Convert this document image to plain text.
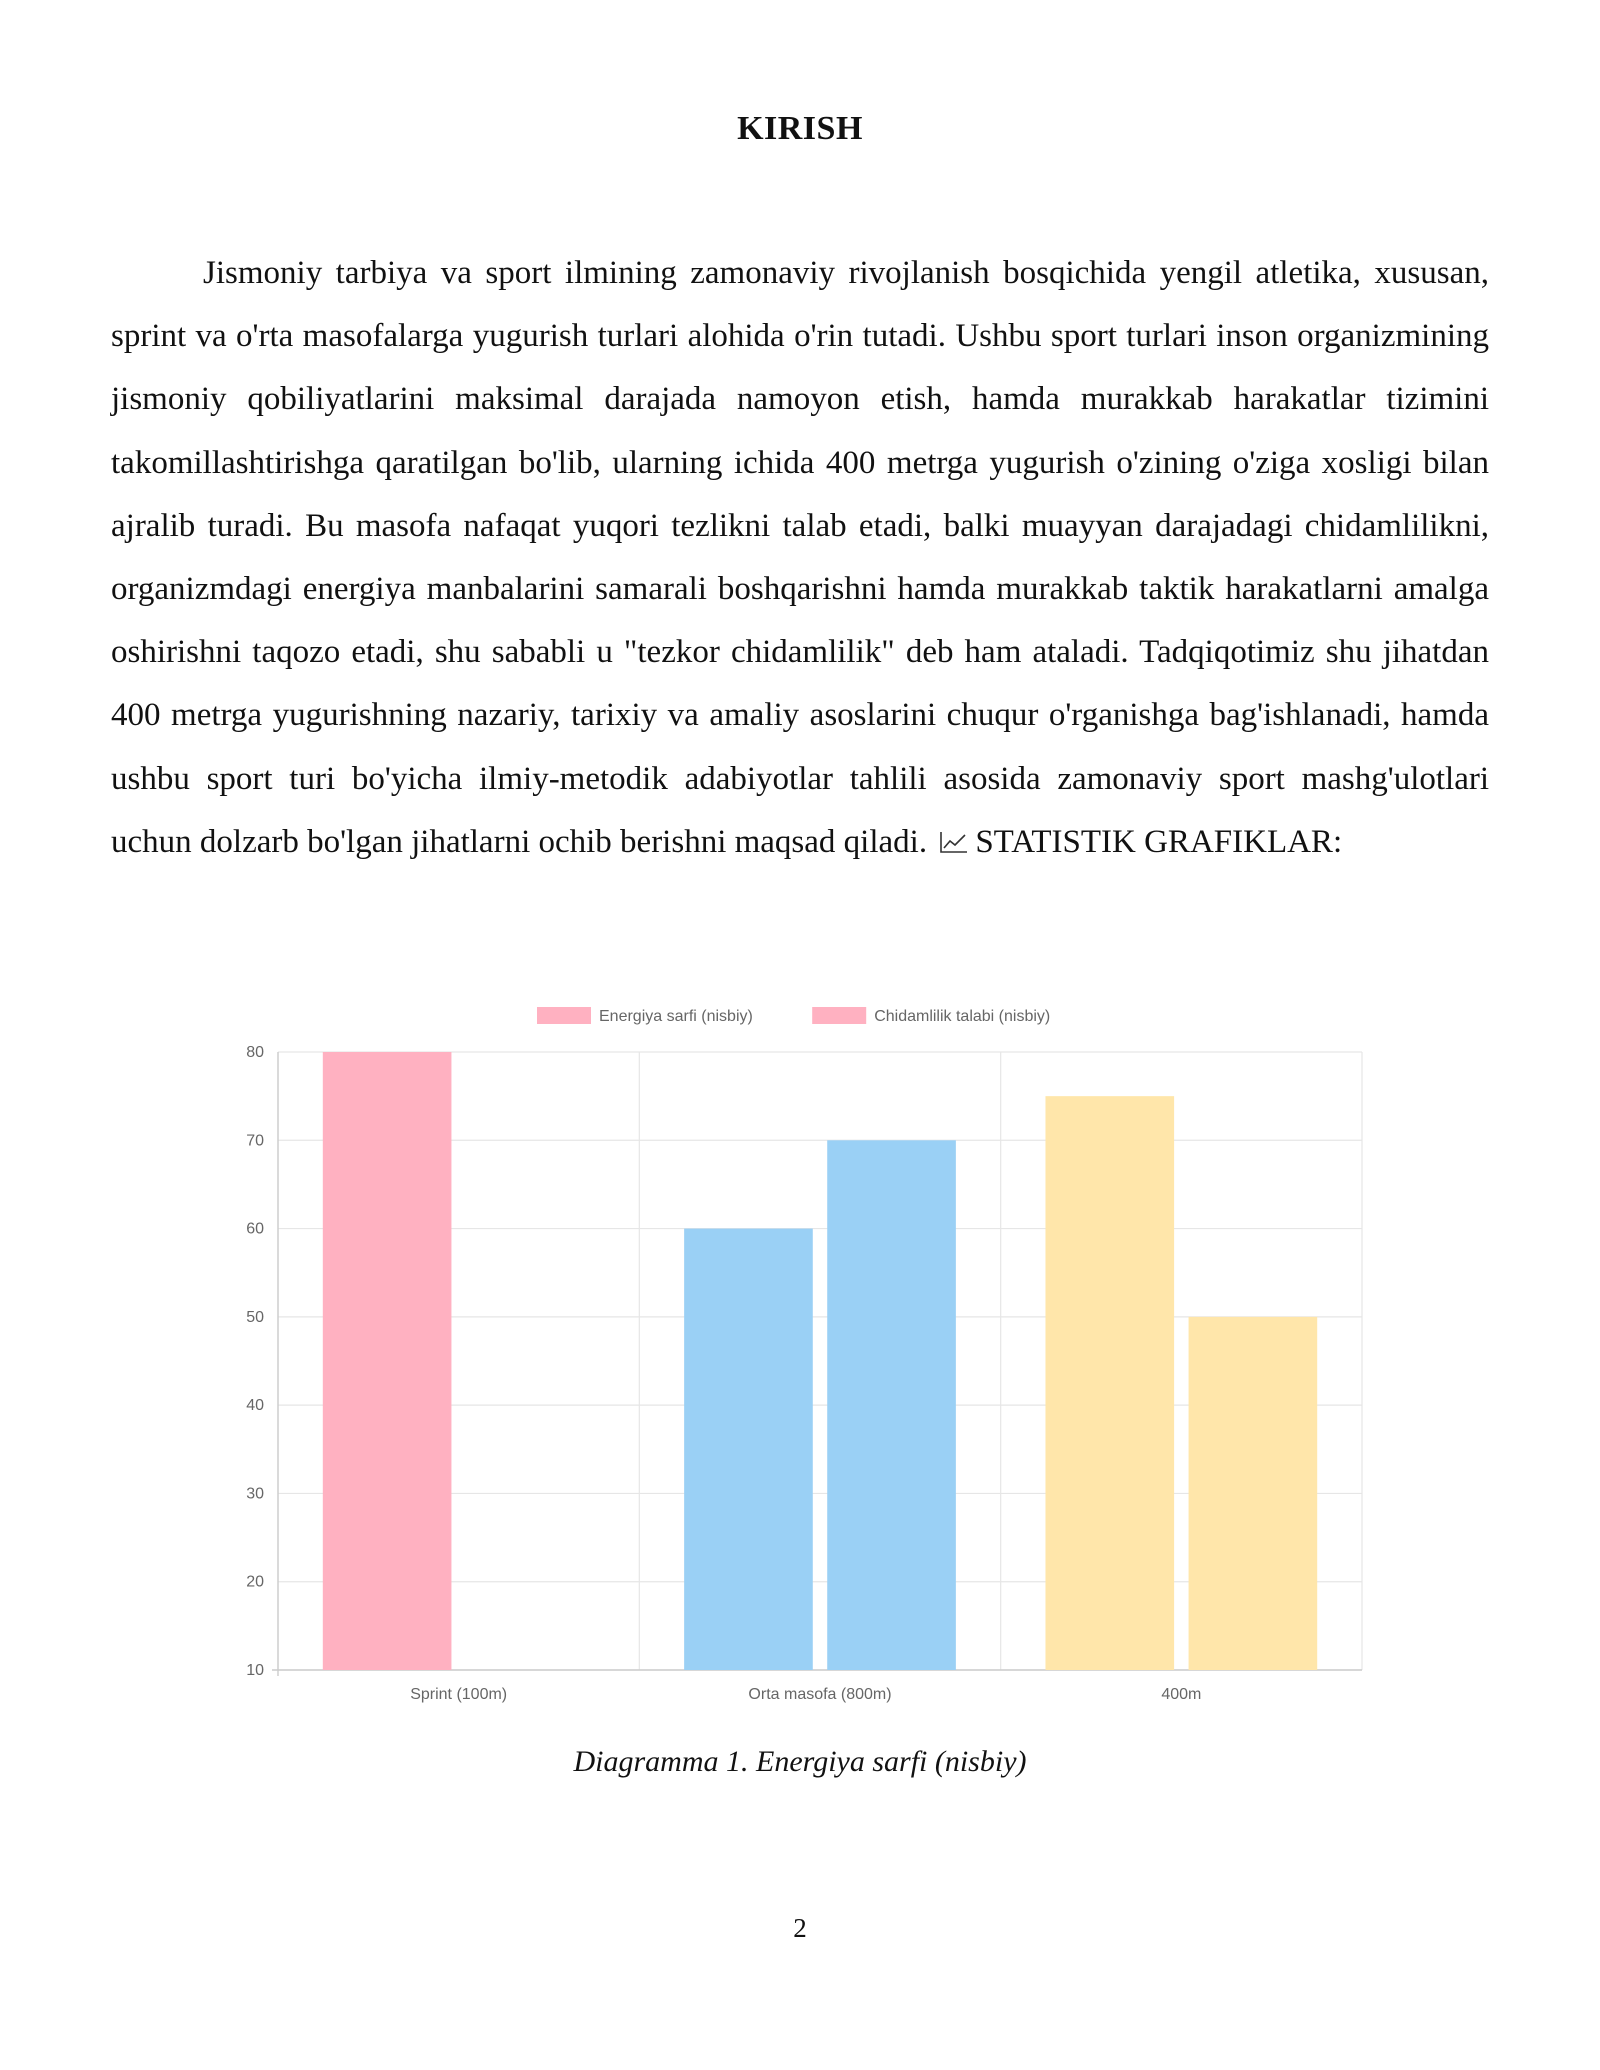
KIRISH

Jismoniy tarbiya va sport ilmining zamonaviy rivojlanish bosqichida yengil atletika, xususan, sprint va o'rta masofalarga yugurish turlari alohida o'rin tutadi. Ushbu sport turlari inson organizmining jismoniy qobiliyatlarini maksimal darajada namoyon etish, hamda murakkab harakatlar tizimini takomillashtirishga qaratilgan bo'lib, ularning ichida 400 metrga yugurish o'zining o'ziga xosligi bilan ajralib turadi. Bu masofa nafaqat yuqori tezlikni talab etadi, balki muayyan darajadagi chidamlilikni, organizmdagi energiya manbalarini samarali boshqarishni hamda murakkab taktik harakatlarni amalga oshirishni taqozo etadi, shu sababli u "tezkor chidamlilik" deb ham ataladi. Tadqiqotimiz shu jihatdan 400 metrga yugurishning nazariy, tarixiy va amaliy asoslarini chuqur o'rganishga bag'ishlanadi, hamda ushbu sport turi bo'yicha ilmiy-metodik adabiyotlar tahlili asosida zamonaviy sport mashg'ulotlari uchun dolzarb bo'lgan jihatlarni ochib berishni maqsad qiladi. STATISTIK GRAFIKLAR:

10
20
30
40
50
60
70
80
Sprint (100m)	Orta masofa (800m)	400m
Energiya sarfi (nisbiy)	Chidamlilik talabi (nisbiy)
Diagramma 1. Energiya sarfi (nisbiy)
2
